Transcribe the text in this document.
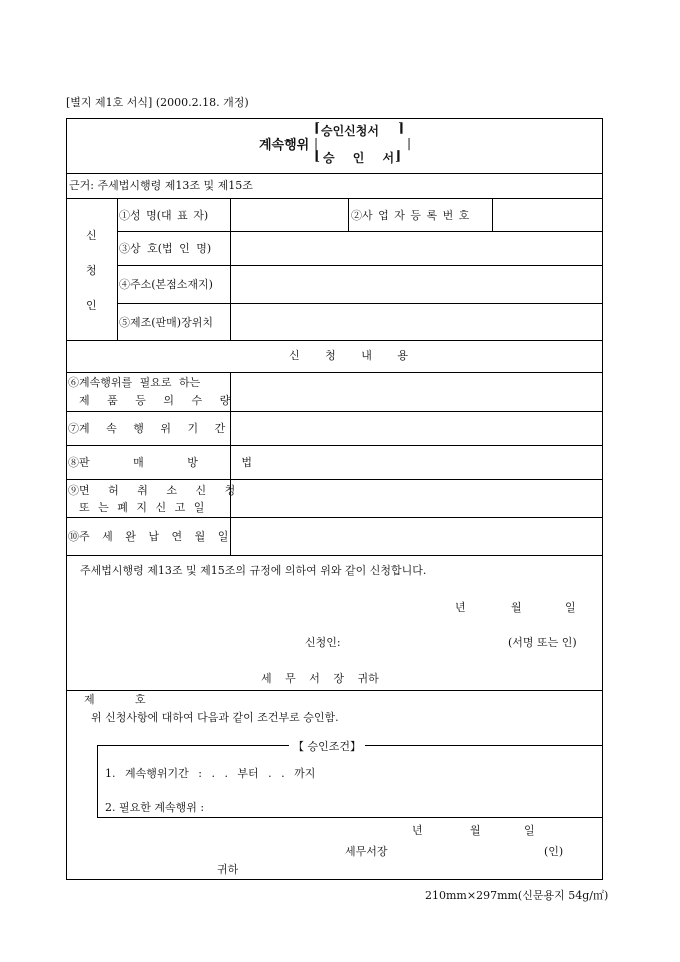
[별지 제1호 서식] (2000.2.18. 개정)
계속행위
⌈ 승인신청서 ⌉
|	|
⌊ 승 인 서 ⌋
근거: 주세법시행령 제13조 및 제15조
신
청
인
①성 명(대 표 자)	②사 업 자 등 록 번 호
③상 호(법 인 명)
④주소(본점소재지)
⑤제조(판매)장위치
신 청 내 용
⑥계속행위를 필요로 하는
제 품 등 의 수 량
⑦계 속 행 위 기 간
⑧판 매 방 법
⑨면 허 취 소 신 청
또 는 폐 지 신 고 일
⑩주 세 완 납 연 월 일
주세법시행령 제13조 및 제15조의 규정에 의하여 위와 같이 신청합니다.
년	월	일
신청인:	(서명 또는 인)
세 무 서 장 귀하
제	호
위 신청사항에 대하여 다음과 같이 조건부로 승인함.
【 승인조건】
1. 계속행위기간 : . . 부터 . . 까지
2. 필요한 계속행위 :
년	월	일
세무서장	(인)
귀하
210mm×297mm(신문용지 54g/㎡)
